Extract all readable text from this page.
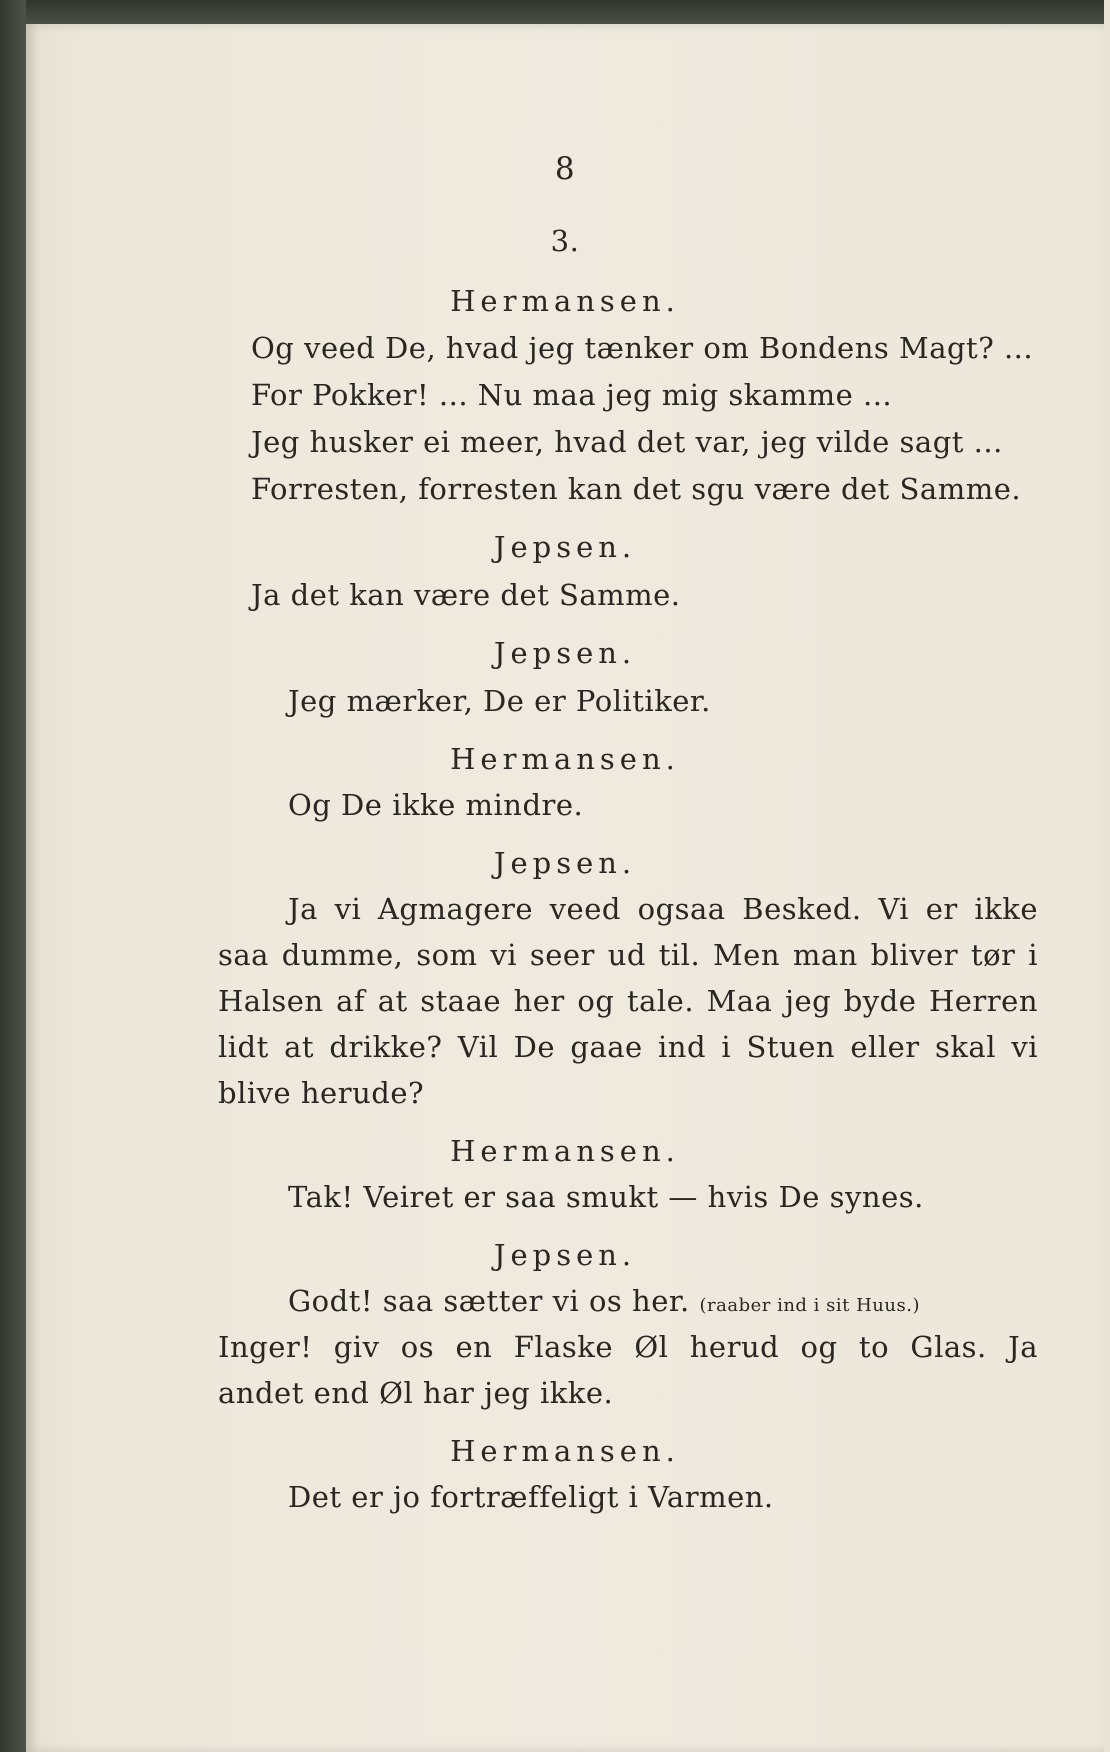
8
3.
Hermansen.
Og veed De, hvad jeg tænker om Bondens Magt? ...
For Pokker! ... Nu maa jeg mig skamme ...
Jeg husker ei meer, hvad det var, jeg vilde sagt ...
Forresten, forresten kan det sgu være det Samme.
Jepsen.
Ja det kan være det Samme.
Jepsen.
Jeg mærker, De er Politiker.
Hermansen.
Og De ikke mindre.
Jepsen.
Ja vi Agmagere veed ogsaa Besked. Vi er ikke
saa dumme, som vi seer ud til. Men man bliver tør i
Halsen af at staae her og tale. Maa jeg byde Herren
lidt at drikke? Vil De gaae ind i Stuen eller skal vi
blive herude?
Hermansen.
Tak! Veiret er saa smukt — hvis De synes.
Jepsen.
Godt! saa sætter vi os her. (raaber ind i sit Huus.)
Inger! giv os en Flaske Øl herud og to Glas. Ja
andet end Øl har jeg ikke.
Hermansen.
Det er jo fortræffeligt i Varmen.
